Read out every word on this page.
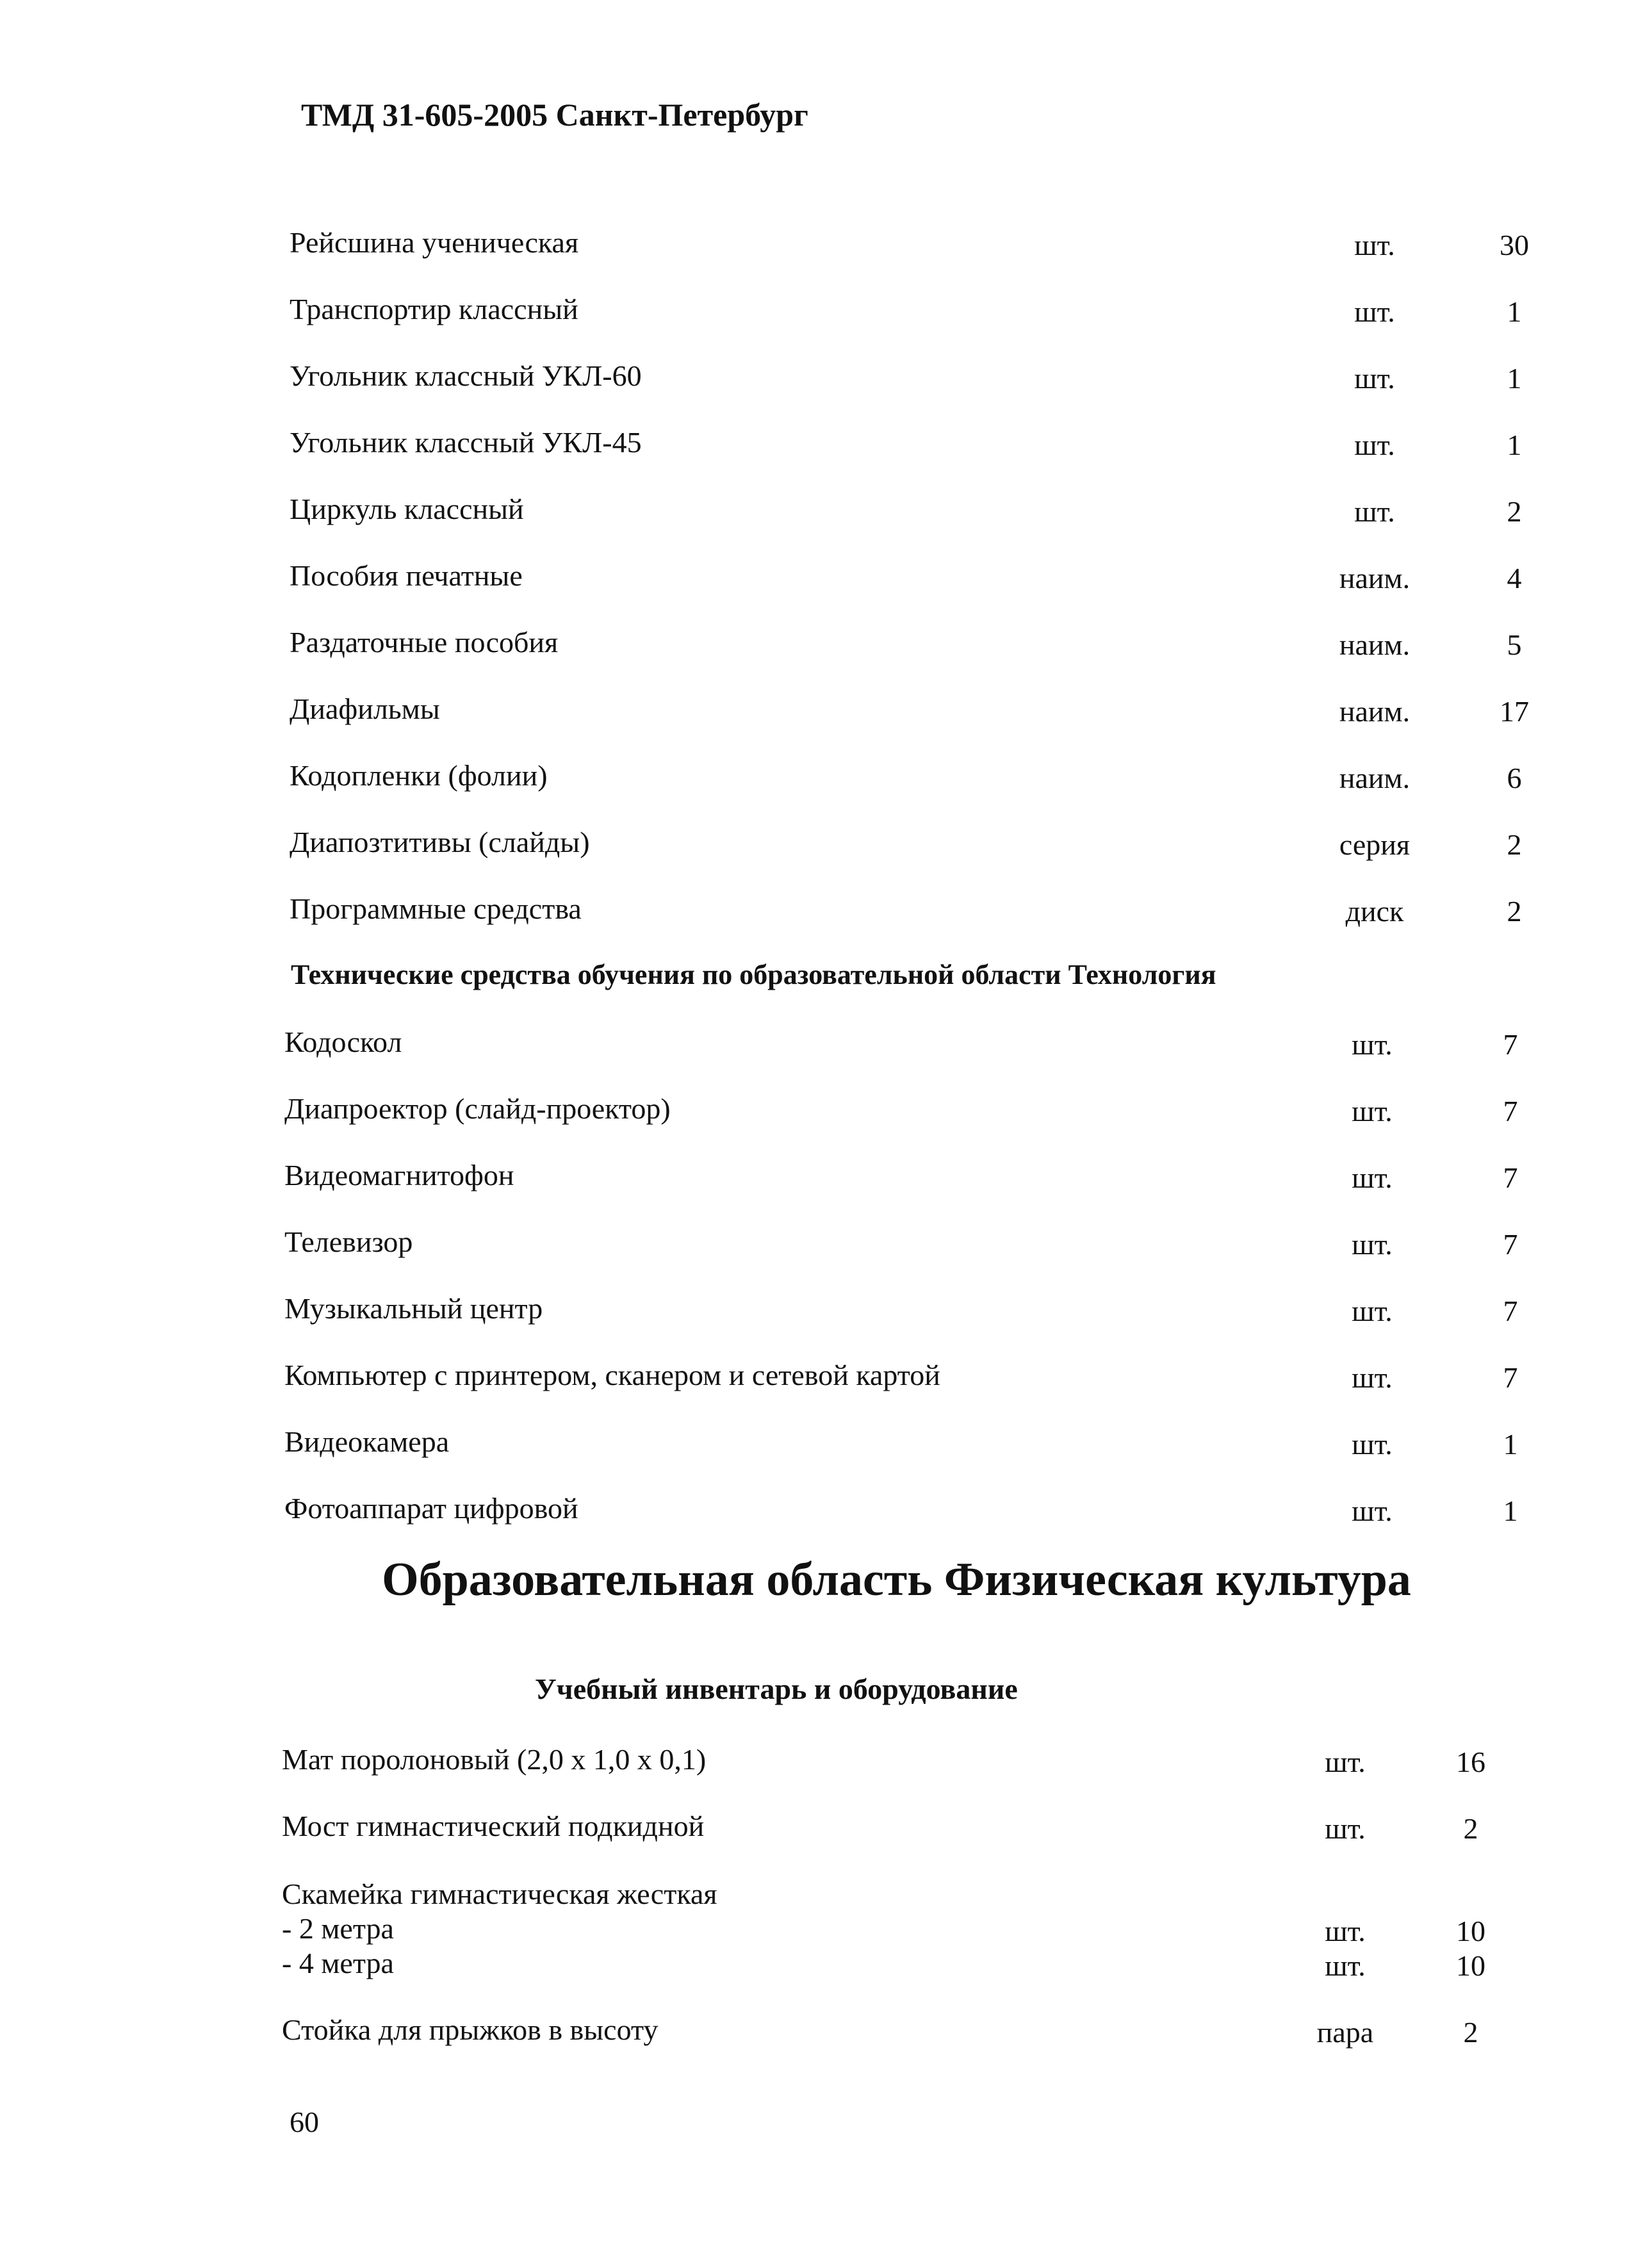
ТМД 31-605-2005 Санкт-Петербург
Рейсшина ученическая	шт.	30
Транспортир классный	шт.	1
Угольник классный УКЛ-60	шт.	1
Угольник классный УКЛ-45	шт.	1
Циркуль классный	шт.	2
Пособия печатные	наим.	4
Раздаточные пособия	наим.	5
Диафильмы	наим.	17
Кодопленки (фолии)	наим.	6
Диапозтитивы (слайды)	серия	2
Программные средства	диск	2
Технические средства обучения по образовательной области Технология
Кодоскол	шт.	7
Диапроектор (слайд-проектор)	шт.	7
Видеомагнитофон	шт.	7
Телевизор	шт.	7
Музыкальный центр	шт.	7
Компьютер с принтером, сканером и сетевой картой	шт.	7
Видеокамера	шт.	1
Фотоаппарат цифровой	шт.	1
Образовательная область Физическая культура
Учебный инвентарь и оборудование
Мат поролоновый (2,0 х 1,0 х 0,1)	шт.	16
Мост гимнастический подкидной	шт.	2
Скамейка гимнастическая жесткая
- 2 метра	шт.	10
- 4 метра	шт.	10
Стойка для прыжков в высоту	пара	2
60
